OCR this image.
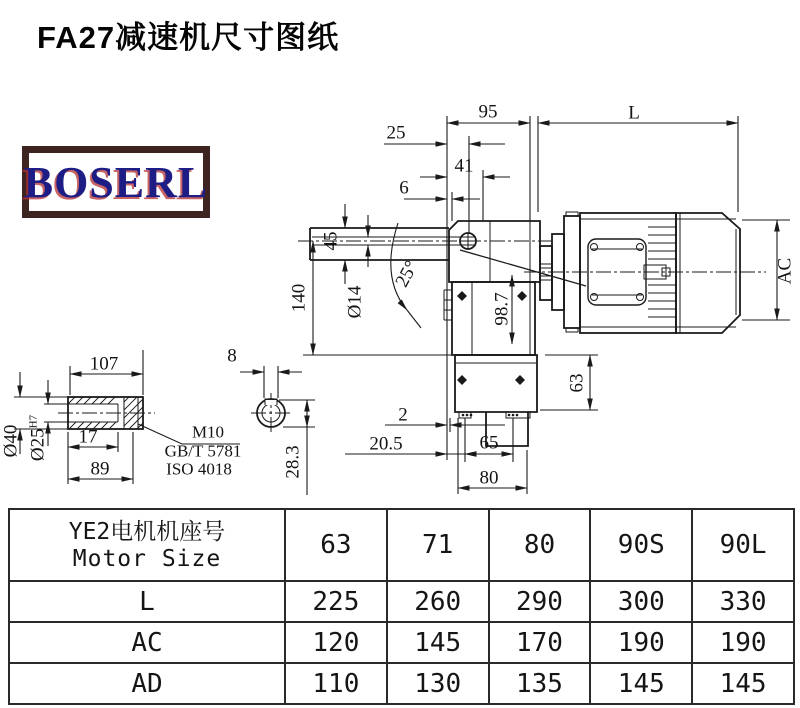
FA27减速机尺寸图纸
BOSERL
95	L
25
41
6
45
Ø14
140
25°
98.7
AC
63
2
20.5	65
80
107
17
89
Ø40 $Ø25^{H7}$
M10
GB/T 5781
ISO 4018
8
28.3
YE2电机机座号
Motor Size	63	71	80	90S	90L
L	225	260	290	300	330
AC	120	145	170	190	190
AD	110	130	135	145	145
